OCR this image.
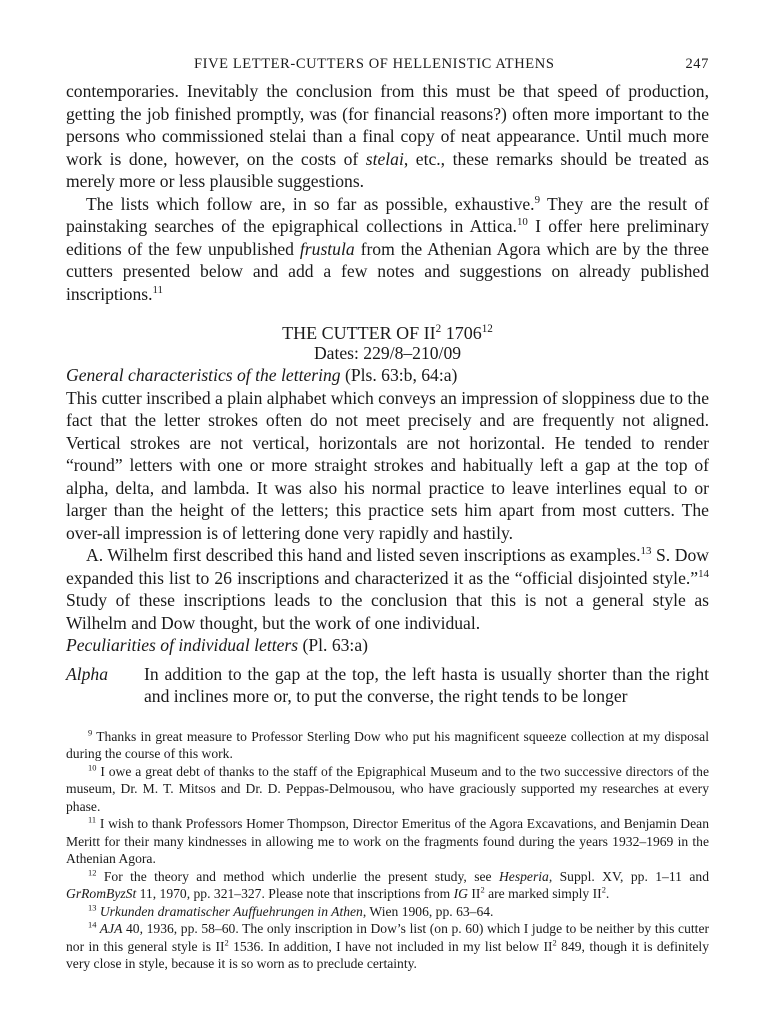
FIVE LETTER-CUTTERS OF HELLENISTIC ATHENS	247

contemporaries. Inevitably the conclusion from this must be that speed of production, getting the job finished promptly, was (for financial reasons?) often more important to the persons who commissioned stelai than a final copy of neat appearance. Until much more work is done, however, on the costs of stelai, etc., these remarks should be treated as merely more or less plausible suggestions.

The lists which follow are, in so far as possible, exhaustive.$^9$ They are the result of painstaking searches of the epigraphical collections in Attica.$^{10}$ I offer here preliminary editions of the few unpublished frustula from the Athenian Agora which are by the three cutters presented below and add a few notes and suggestions on already published inscriptions.$^{11}$

THE CUTTER OF $II^2$ 1706$^{12}$
Dates: 229/8–210/09

General characteristics of the lettering (Pls. 63:b, 64:a)

This cutter inscribed a plain alphabet which conveys an impression of sloppiness due to the fact that the letter strokes often do not meet precisely and are frequently not aligned. Vertical strokes are not vertical, horizontals are not horizontal. He tended to render “round” letters with one or more straight strokes and habitually left a gap at the top of alpha, delta, and lambda. It was also his normal practice to leave interlines equal to or larger than the height of the letters; this practice sets him apart from most cutters. The over-all impression is of lettering done very rapidly and hastily.

A. Wilhelm first described this hand and listed seven inscriptions as examples.$^{13}$ S. Dow expanded this list to 26 inscriptions and characterized it as the “official disjointed style.”$^{14}$ Study of these inscriptions leads to the conclusion that this is not a general style as Wilhelm and Dow thought, but the work of one individual.

Peculiarities of individual letters (Pl. 63:a)

Alpha	In addition to the gap at the top, the left hasta is usually shorter than the right and inclines more or, to put the converse, the right tends to be longer

$^9$ Thanks in great measure to Professor Sterling Dow who put his magnificent squeeze collection at my disposal during the course of this work.

$^{10}$ I owe a great debt of thanks to the staff of the Epigraphical Museum and to the two successive directors of the museum, Dr. M. T. Mitsos and Dr. D. Peppas-Delmousou, who have graciously supported my researches at every phase.

$^{11}$ I wish to thank Professors Homer Thompson, Director Emeritus of the Agora Excavations, and Benjamin Dean Meritt for their many kindnesses in allowing me to work on the fragments found during the years 1932–1969 in the Athenian Agora.

$^{12}$ For the theory and method which underlie the present study, see Hesperia, Suppl. XV, pp. 1–11 and GrRomByzSt 11, 1970, pp. 321–327. Please note that inscriptions from IG $II^2$ are marked simply $II^2$.

$^{13}$ Urkunden dramatischer Auffuehrungen in Athen, Wien 1906, pp. 63–64.

$^{14}$ AJA 40, 1936, pp. 58–60. The only inscription in Dow’s list (on p. 60) which I judge to be neither by this cutter nor in this general style is $II^2$ 1536. In addition, I have not included in my list below $II^2$ 849, though it is definitely very close in style, because it is so worn as to preclude certainty.
